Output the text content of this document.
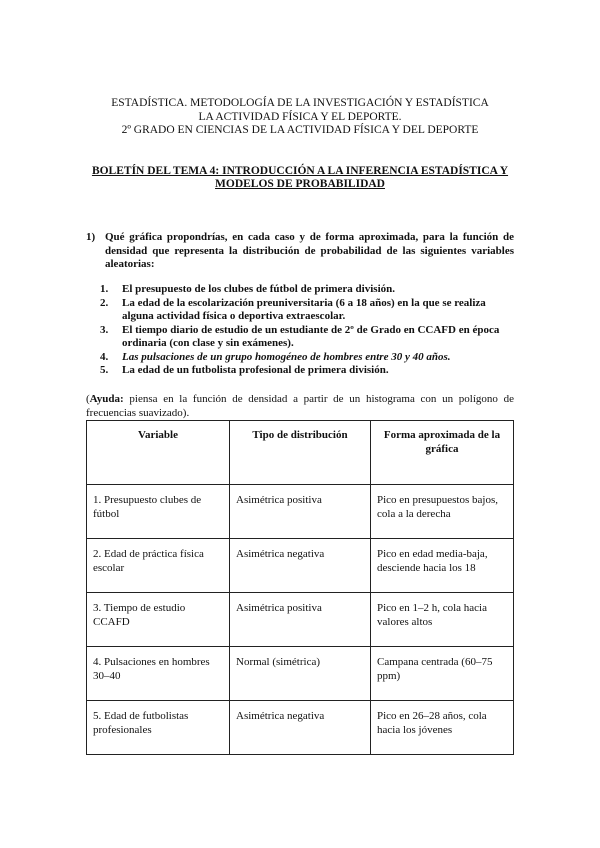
ESTADÍSTICA. METODOLOGÍA DE LA INVESTIGACIÓN Y ESTADÍSTICA
LA ACTIVIDAD FÍSICA Y EL DEPORTE.
2º GRADO EN CIENCIAS DE LA ACTIVIDAD FÍSICA Y DEL DEPORTE
BOLETÍN DEL TEMA 4: INTRODUCCIÓN A LA INFERENCIA ESTADÍSTICA Y
MODELOS DE PROBABILIDAD
1) Qué gráfica propondrías, en cada caso y de forma aproximada, para la función de densidad que representa la distribución de probabilidad de las siguientes variables aleatorias:
1. El presupuesto de los clubes de fútbol de primera división.
2. La edad de la escolarización preuniversitaria (6 a 18 años) en la que se realiza alguna actividad física o deportiva extraescolar.
3. El tiempo diario de estudio de un estudiante de 2º de Grado en CCAFD en época ordinaria (con clase y sin exámenes).
4. Las pulsaciones de un grupo homogéneo de hombres entre 30 y 40 años.
5. La edad de un futbolista profesional de primera división.
(Ayuda: piensa en la función de densidad a partir de un histograma con un polígono de frecuencias suavizado).
Variable	Tipo de distribución	Forma aproximada de la gráfica
1. Presupuesto clubes de fútbol	Asimétrica positiva	Pico en presupuestos bajos, cola a la derecha
2. Edad de práctica física escolar	Asimétrica negativa	Pico en edad media-baja, desciende hacia los 18
3. Tiempo de estudio CCAFD	Asimétrica positiva	Pico en 1–2 h, cola hacia valores altos
4. Pulsaciones en hombres 30–40	Normal (simétrica)	Campana centrada (60–75 ppm)
5. Edad de futbolistas profesionales	Asimétrica negativa	Pico en 26–28 años, cola hacia los jóvenes
